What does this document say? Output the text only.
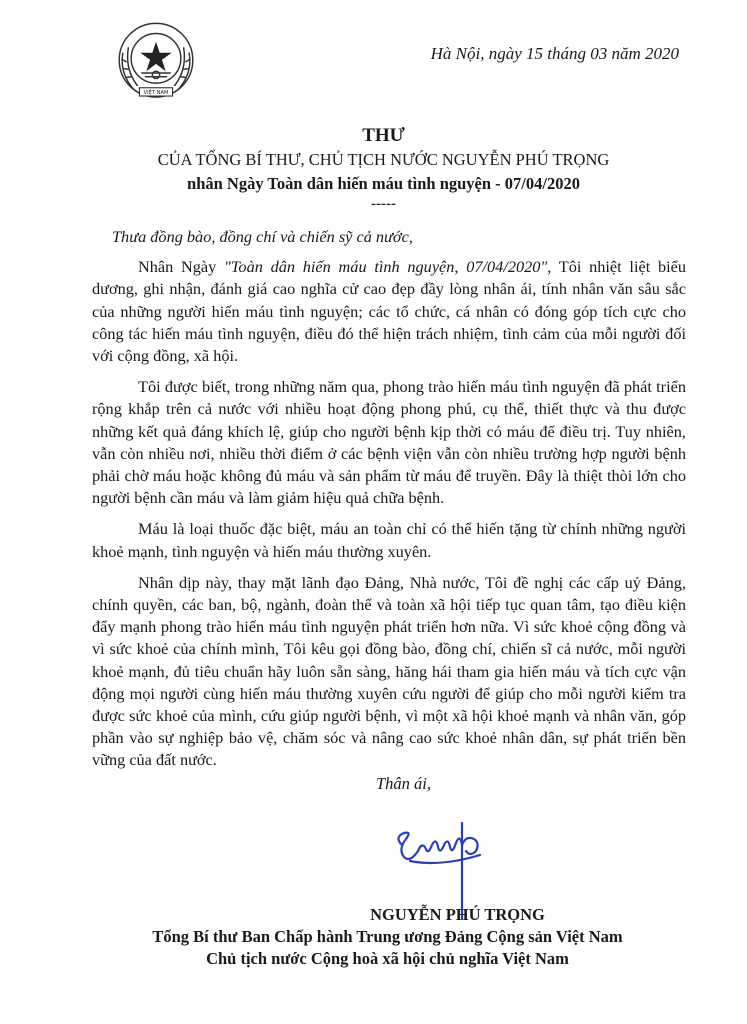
VIỆT NAM
Hà Nội, ngày 15 tháng 03 năm 2020
THƯ
CỦA TỔNG BÍ THƯ, CHỦ TỊCH NƯỚC NGUYỄN PHÚ TRỌNG
nhân Ngày Toàn dân hiến máu tình nguyện - 07/04/2020
-----

Thưa đồng bào, đồng chí và chiến sỹ cả nước,

Nhân Ngày "Toàn dân hiến máu tình nguyện, 07/04/2020", Tôi nhiệt liệt biểu dương, ghi nhận, đánh giá cao nghĩa cử cao đẹp đầy lòng nhân ái, tính nhân văn sâu sắc của những người hiến máu tình nguyện; các tổ chức, cá nhân có đóng góp tích cực cho công tác hiến máu tình nguyện, điều đó thể hiện trách nhiệm, tình cảm của mỗi người đối với cộng đồng, xã hội.

Tôi được biết, trong những năm qua, phong trào hiến máu tình nguyện đã phát triển rộng khắp trên cả nước với nhiều hoạt động phong phú, cụ thể, thiết thực và thu được những kết quả đáng khích lệ, giúp cho người bệnh kịp thời có máu để điều trị. Tuy nhiên, vẫn còn nhiều nơi, nhiều thời điểm ở các bệnh viện vẫn còn nhiều trường hợp người bệnh phải chờ máu hoặc không đủ máu và sản phẩm từ máu để truyền. Đây là thiệt thòi lớn cho người bệnh cần máu và làm giảm hiệu quả chữa bệnh.

Máu là loại thuốc đặc biệt, máu an toàn chỉ có thể hiến tặng từ chính những người khoẻ mạnh, tình nguyện và hiến máu thường xuyên.

Nhân dịp này, thay mặt lãnh đạo Đảng, Nhà nước, Tôi đề nghị các cấp uỷ Đảng, chính quyền, các ban, bộ, ngành, đoàn thể và toàn xã hội tiếp tục quan tâm, tạo điều kiện đẩy mạnh phong trào hiến máu tình nguyện phát triển hơn nữa. Vì sức khoẻ cộng đồng và vì sức khoẻ của chính mình, Tôi kêu gọi đồng bào, đồng chí, chiến sĩ cả nước, mỗi người khoẻ mạnh, đủ tiêu chuẩn hãy luôn sẵn sàng, hăng hái tham gia hiến máu và tích cực vận động mọi người cùng hiến máu thường xuyên cứu người để giúp cho mỗi người kiểm tra được sức khoẻ của mình, cứu giúp người bệnh, vì một xã hội khoẻ mạnh và nhân văn, góp phần vào sự nghiệp bảo vệ, chăm sóc và nâng cao sức khoẻ nhân dân, sự phát triển bền vững của đất nước.

Thân ái,
NGUYỄN PHÚ TRỌNG
Tổng Bí thư Ban Chấp hành Trung ương Đảng Cộng sản Việt Nam
Chủ tịch nước Cộng hoà xã hội chủ nghĩa Việt Nam
